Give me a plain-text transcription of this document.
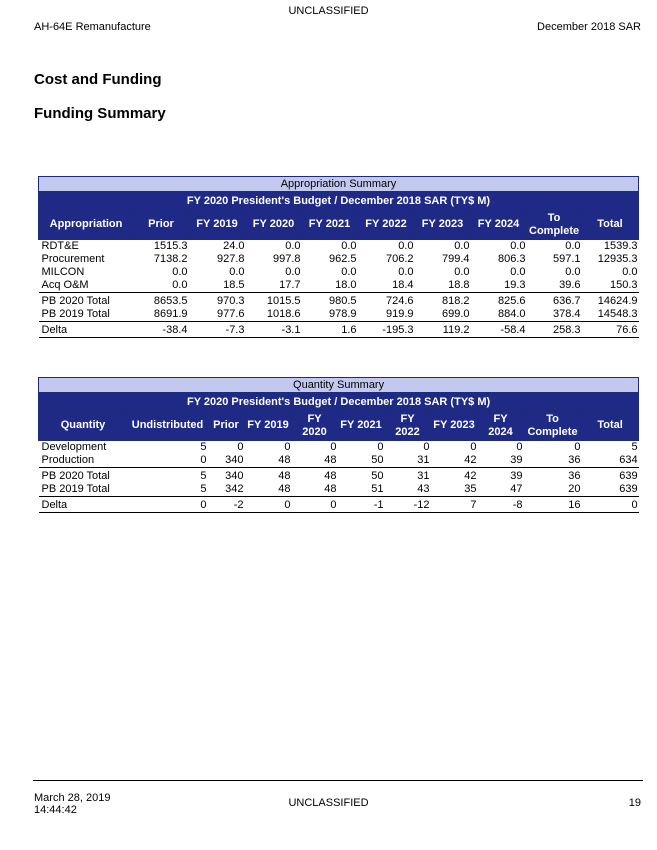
UNCLASSIFIED
AH-64E Remanufacture	December 2018 SAR
Cost and Funding
Funding Summary
Appropriation Summary									
FY 2020 President's Budget / December 2018 SAR (TY$ M)									
Appropriation	Prior	FY 2019	FY 2020	FY 2021	FY 2022	FY 2023	FY 2024	To Complete	Total
RDT&E	1515.3	24.0	0.0	0.0	0.0	0.0	0.0	0.0	1539.3
Procurement	7138.2	927.8	997.8	962.5	706.2	799.4	806.3	597.1	12935.3
MILCON	0.0	0.0	0.0	0.0	0.0	0.0	0.0	0.0	0.0
Acq O&M	0.0	18.5	17.7	18.0	18.4	18.8	19.3	39.6	150.3
PB 2020 Total	8653.5	970.3	1015.5	980.5	724.6	818.2	825.6	636.7	14624.9
PB 2019 Total	8691.9	977.6	1018.6	978.9	919.9	699.0	884.0	378.4	14548.3
Delta	-38.4	-7.3	-3.1	1.6	-195.3	119.2	-58.4	258.3	76.6
Quantity Summary										
FY 2020 President's Budget / December 2018 SAR (TY$ M)										
Quantity	Undistributed	Prior	FY 2019	FY 2020	FY 2021	FY 2022	FY 2023	FY 2024	To Complete	Total
Development	5	0	0	0	0	0	0	0	0	5
Production	0	340	48	48	50	31	42	39	36	634
PB 2020 Total	5	340	48	48	50	31	42	39	36	639
PB 2019 Total	5	342	48	48	51	43	35	47	20	639
Delta	0	-2	0	0	-1	-12	7	-8	16	0
March 28, 2019
14:44:42
UNCLASSIFIED	19
